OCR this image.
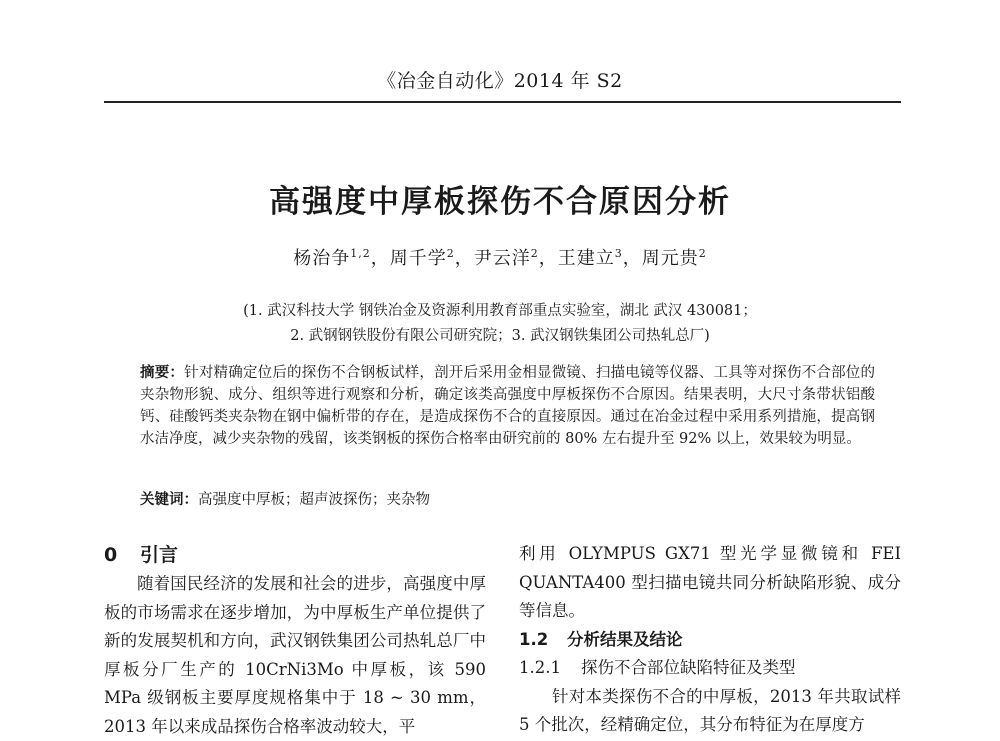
《冶金自动化》2014 年 S2
高强度中厚板探伤不合原因分析
杨治争$^{1,2}$，周千学$^2$，尹云洋$^2$，王建立$^3$，周元贵$^2$
(1. 武汉科技大学 钢铁冶金及资源利用教育部重点实验室，湖北 武汉 430081；
2. 武钢钢铁股份有限公司研究院；3. 武汉钢铁集团公司热轧总厂)
摘要：针对精确定位后的探伤不合钢板试样，剖开后采用金相显微镜、扫描电镜等仪器、工具等对探伤不合部位的夹杂物形貌、成分、组织等进行观察和分析，确定该类高强度中厚板探伤不合原因。结果表明，大尺寸条带状铝酸钙、硅酸钙类夹杂物在钢中偏析带的存在，是造成探伤不合的直接原因。通过在冶金过程中采用系列措施，提高钢水洁净度，减少夹杂物的残留，该类钢板的探伤合格率由研究前的 80% 左右提升至 92% 以上，效果较为明显。
关键词：高强度中厚板；超声波探伤；夹杂物
0 引言
随着国民经济的发展和社会的进步，高强度中厚板的市场需求在逐步增加，为中厚板生产单位提供了新的发展契机和方向，武汉钢铁集团公司热轧总厂中厚板分厂生产的 10CrNi3Mo 中厚板，该 590 MPa 级钢板主要厚度规格集中于 18 ~ 30 mm，2013 年以来成品探伤合格率波动较大，平
利用 OLYMPUS GX71 型光学显微镜和 FEI QUANTA400 型扫描电镜共同分析缺陷形貌、成分等信息。
1.2 分析结果及结论
1.2.1 探伤不合部位缺陷特征及类型
针对本类探伤不合的中厚板，2013 年共取试样 5 个批次，经精确定位，其分布特征为在厚度方
